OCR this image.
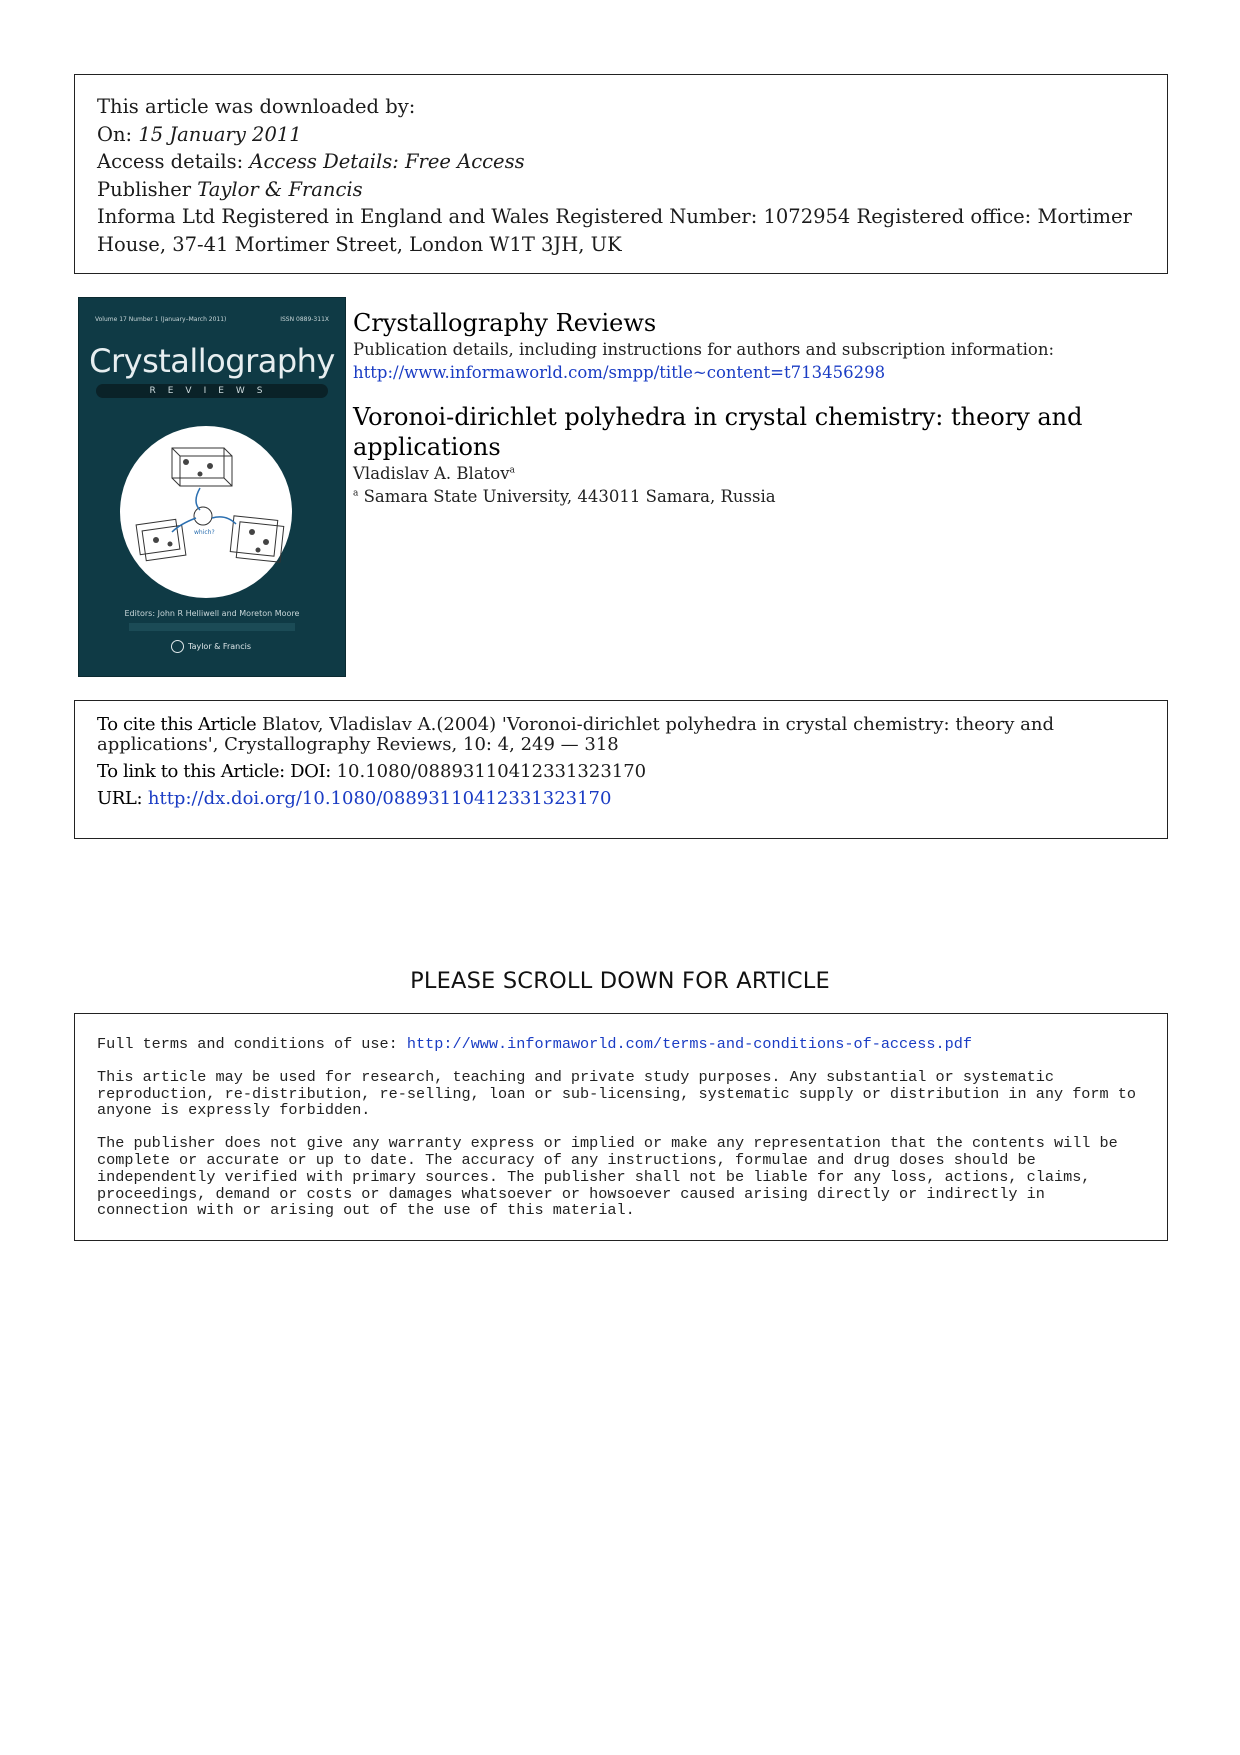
This article was downloaded by:
On: 15 January 2011
Access details: Access Details: Free Access
Publisher Taylor & Francis
Informa Ltd Registered in England and Wales Registered Number: 1072954 Registered office: Mortimer House, 37-41 Mortimer Street, London W1T 3JH, UK
Volume 17 Number 1 (January–March 2011)	ISSN 0889-311X
Crystallography
REVIEWS
which?
Editors: John R Helliwell and Moreton Moore
Taylor & Francis
Crystallography Reviews
Publication details, including instructions for authors and subscription information:
http://www.informaworld.com/smpp/title~content=t713456298
Voronoi-dirichlet polyhedra in crystal chemistry: theory and applications
Vladislav A. Blatov$^a$
$^a$ Samara State University, 443011 Samara, Russia
To cite this Article Blatov, Vladislav A.(2004) 'Voronoi-dirichlet polyhedra in crystal chemistry: theory and applications', Crystallography Reviews, 10: 4, 249 — 318
To link to this Article: DOI: 10.1080/08893110412331323170
URL: http://dx.doi.org/10.1080/08893110412331323170
PLEASE SCROLL DOWN FOR ARTICLE

Full terms and conditions of use: http://www.informaworld.com/terms-and-conditions-of-access.pdf

This article may be used for research, teaching and private study purposes. Any substantial or systematic reproduction, re-distribution, re-selling, loan or sub-licensing, systematic supply or distribution in any form to anyone is expressly forbidden.

The publisher does not give any warranty express or implied or make any representation that the contents will be complete or accurate or up to date. The accuracy of any instructions, formulae and drug doses should be independently verified with primary sources. The publisher shall not be liable for any loss, actions, claims, proceedings, demand or costs or damages whatsoever or howsoever caused arising directly or indirectly in connection with or arising out of the use of this material.
